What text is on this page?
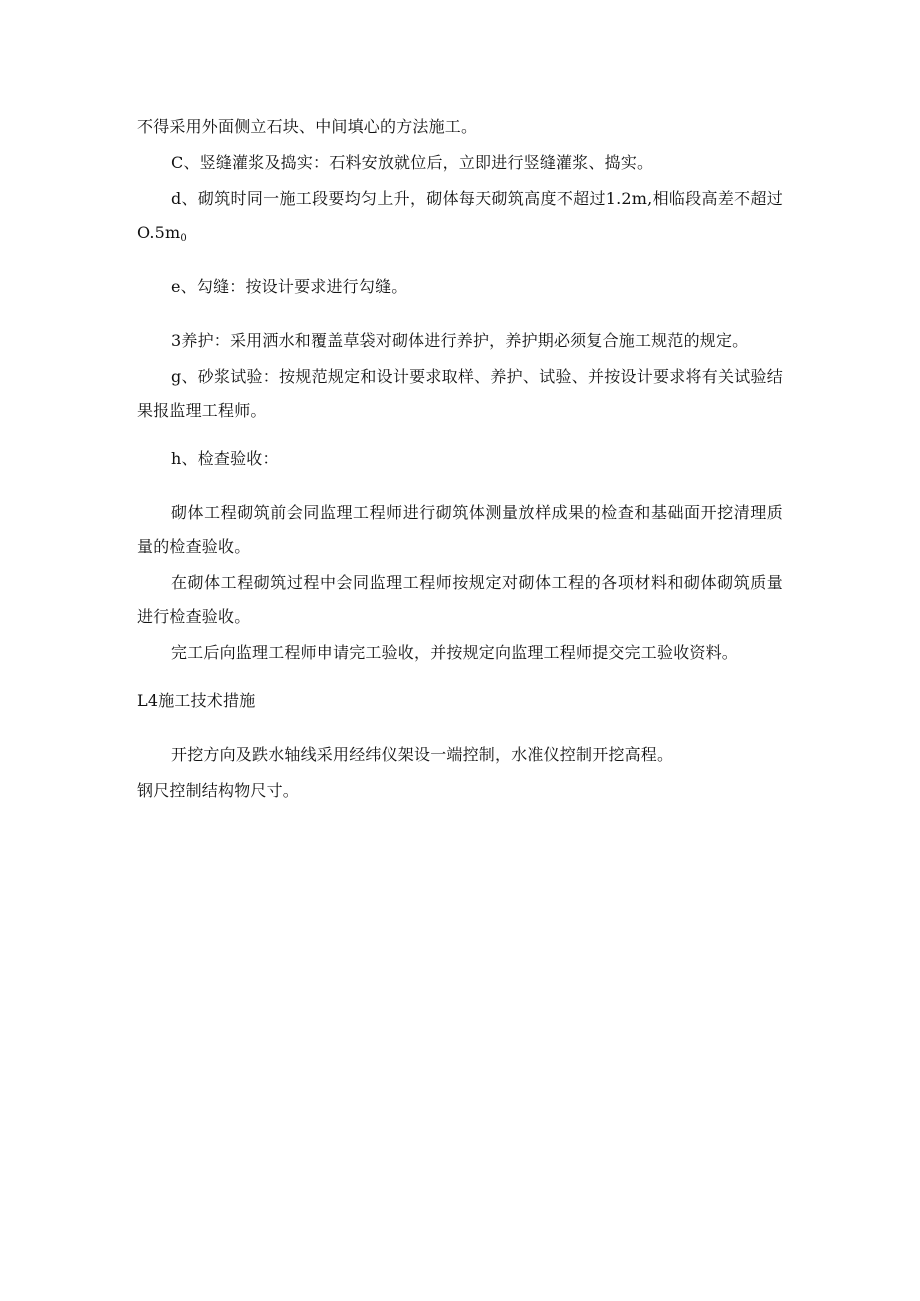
不得采用外面侧立石块、中间填心的方法施工。

C、竖缝灌浆及捣实：石料安放就位后，立即进行竖缝灌浆、捣实。

d、砌筑时同一施工段要均匀上升，砌体每天砌筑高度不超过1.2m,相临段高差不超过$O.5m_0$

e、勾缝：按设计要求进行勾缝。

3养护：采用洒水和覆盖草袋对砌体进行养护，养护期必须复合施工规范的规定。

g、砂浆试验：按规范规定和设计要求取样、养护、试验、并按设计要求将有关试验结果报监理工程师。

h、检查验收：

砌体工程砌筑前会同监理工程师进行砌筑体测量放样成果的检查和基础面开挖清理质量的检查验收。

在砌体工程砌筑过程中会同监理工程师按规定对砌体工程的各项材料和砌体砌筑质量进行检查验收。

完工后向监理工程师申请完工验收，并按规定向监理工程师提交完工验收资料。

L4施工技术措施

开挖方向及跌水轴线采用经纬仪架设一端控制，水准仪控制开挖高程。

钢尺控制结构物尺寸。
